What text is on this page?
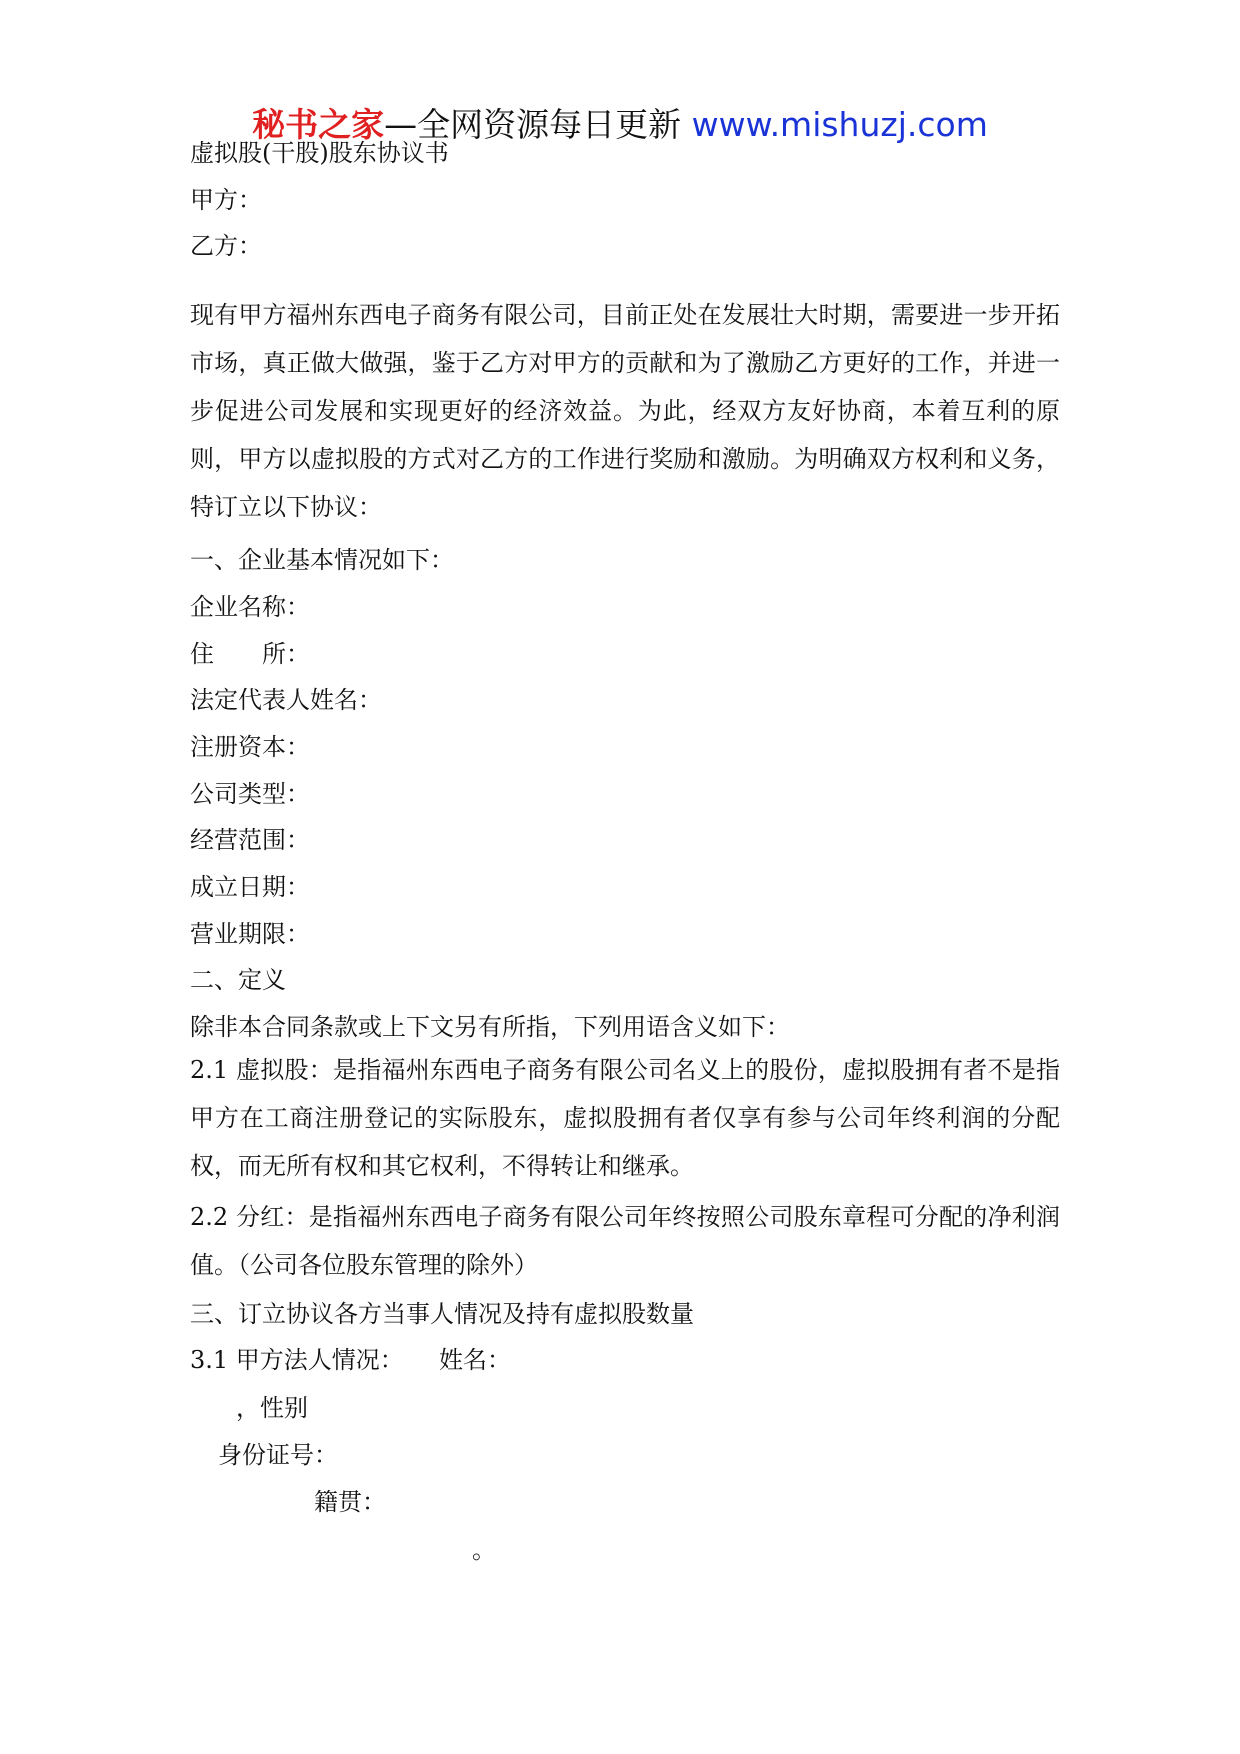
秘书之家—全网资源每日更新 www.mishuzj.com
虚拟股(干股)股东协议书
甲方：
乙方：
现有甲方福州东西电子商务有限公司，目前正处在发展壮大时期，需要进一步开拓市场，真正做大做强，鉴于乙方对甲方的贡献和为了激励乙方更好的工作，并进一步促进公司发展和实现更好的经济效益。为此，经双方友好协商，本着互利的原则，甲方以虚拟股的方式对乙方的工作进行奖励和激励。为明确双方权利和义务，特订立以下协议：
一、企业基本情况如下：
企业名称：
住　　所：
法定代表人姓名：
注册资本：
公司类型：
经营范围：
成立日期：
营业期限：
二、定义
除非本合同条款或上下文另有所指，下列用语含义如下：
2.1 虚拟股：是指福州东西电子商务有限公司名义上的股份，虚拟股拥有者不是指甲方在工商注册登记的实际股东，虚拟股拥有者仅享有参与公司年终利润的分配权，而无所有权和其它权利，不得转让和继承。
2.2 分红：是指福州东西电子商务有限公司年终按照公司股东章程可分配的净利润值。（公司各位股东管理的除外）
三、订立协议各方当事人情况及持有虚拟股数量
3.1 甲方法人情况： 姓名：
，性别
身份证号：
籍贯：
。
